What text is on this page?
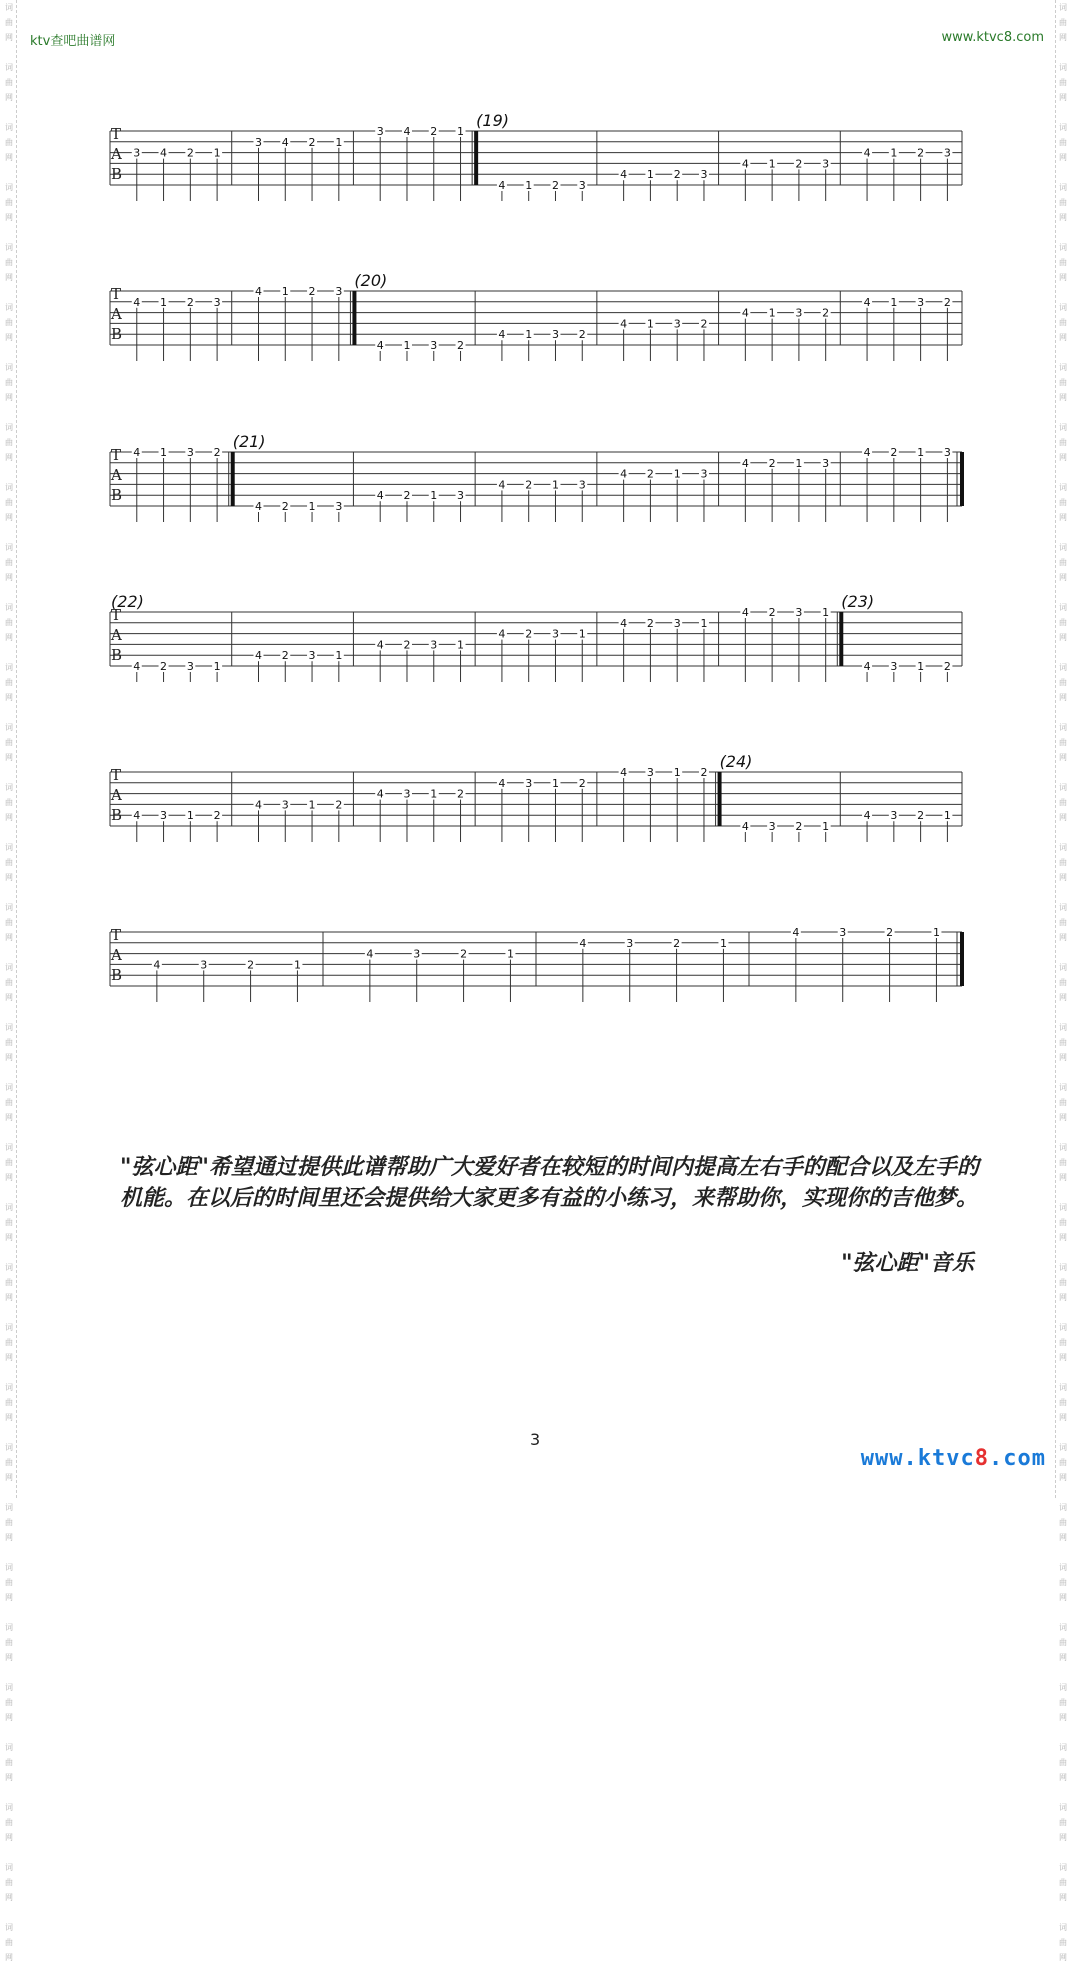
词
曲
网

词
曲
网

词
曲
网

词
曲
网

词
曲
网

词
曲
网

词
曲
网

词
曲
网

词
曲
网

词
曲
网

词
曲
网

词
曲
网

词
曲
网

词
曲
网

词
曲
网

词
曲
网

词
曲
网

词
曲
网

词
曲
网

词
曲
网

词
曲
网

词
曲
网

词
曲
网

词
曲
网

词
曲
网

词
曲
网

词
曲
网

词
曲
网

词
曲
网

词
曲
网

词
曲
网

词
曲
网

词
曲
网

词
曲
网

词
曲
网

词
曲
网

词
曲
网

词
曲
网

词
曲
网

词
曲
网

词
曲
网

词
曲
网

词
曲
网

词
曲
网

词
曲
网

词
曲
网

词
曲
网

词
曲
网

词
曲
网

词
曲
网

词
曲
网

词
曲
网

词
曲
网

词
曲
网

词
曲
网

词
曲
网

词
曲
网

词
曲
网

词
曲
网

词
曲
网

词
曲
网

词
曲
网

词
曲
网

词
曲
网

词
曲
网

词
曲
网

ktv查吧曲谱网	www.ktvc8.com
T
A
B
3 4 2 1
3 4 2 1
3 4 2 1
(19)
4 1 2 3
4 1 2 3
4 1 2 3
4 1 2 3
T
A
B
4 1 2 3
4 1 2 3
(20)
4 1 3 2
4 1 3 2
4 1 3 2
4 1 3 2
4 1 3 2
T
A
B
4 1 3 2
(21)
4 2 1 3
4 2 1 3
4 2 1 3
4 2 1 3
4 2 1 3
4 2 1 3
T
A
B
(22)
4 2 3 1
4 2 3 1
4 2 3 1
4 2 3 1
4 2 3 1
4 2 3 1
(23)
4 3 1 2
T
A
B 4 3 1 2
4 3 1 2
4 3 1 2
4 3 1 2
4 3 1 2
(24)
4 3 2 1
4 3 2 1
T
A
B
4	3	2	1
4	3	2	1
4	3	2	1
4	3	2	1
"弦心距"希望通过提供此谱帮助广大爱好者在较短的时间内提高左右手的配合以及左手的机能。在以后的时间里还会提供给大家更多有益的小练习，来帮助你，实现你的吉他梦。
"弦心距"音乐
3
www.ktvc8.com
